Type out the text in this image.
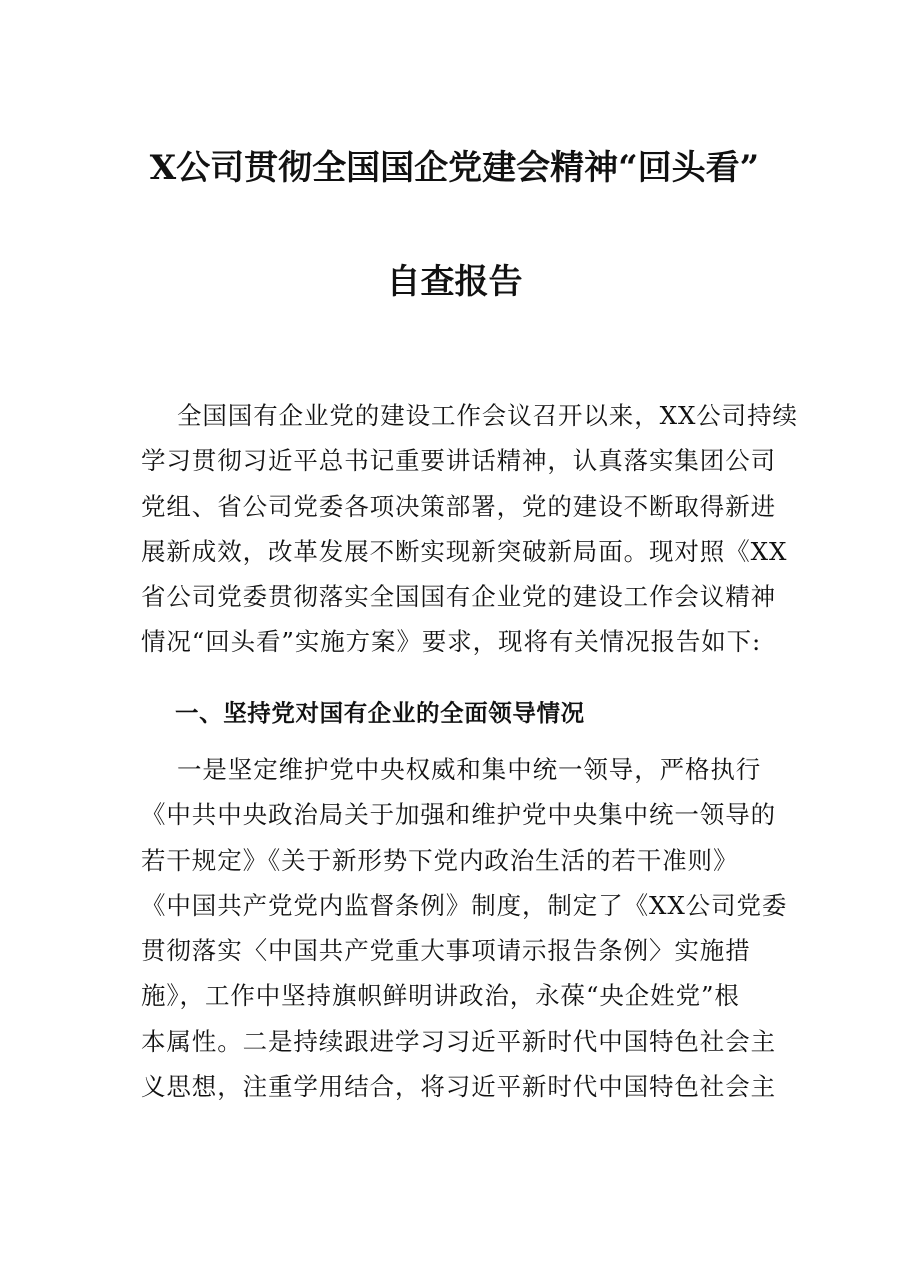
X公司贯彻全国国企党建会精神“回头看”
自查报告
全国国有企业党的建设工作会议召开以来，XX公司持续
学习贯彻习近平总书记重要讲话精神，认真落实集团公司
党组、省公司党委各项决策部署，党的建设不断取得新进
展新成效，改革发展不断实现新突破新局面。现对照《XX
省公司党委贯彻落实全国国有企业党的建设工作会议精神
情况“回头看”实施方案》要求，现将有关情况报告如下:
一、坚持党对国有企业的全面领导情况
一是坚定维护党中央权威和集中统一领导，严格执行
《中共中央政治局关于加强和维护党中央集中统一领导的
若干规定》《关于新形势下党内政治生活的若干准则》
《中国共产党党内监督条例》制度，制定了《XX公司党委
贯彻落实〈中国共产党重大事项请示报告条例〉实施措
施》，工作中坚持旗帜鲜明讲政治，永葆“央企姓党”根
本属性。二是持续跟进学习习近平新时代中国特色社会主
义思想，注重学用结合，将习近平新时代中国特色社会主
